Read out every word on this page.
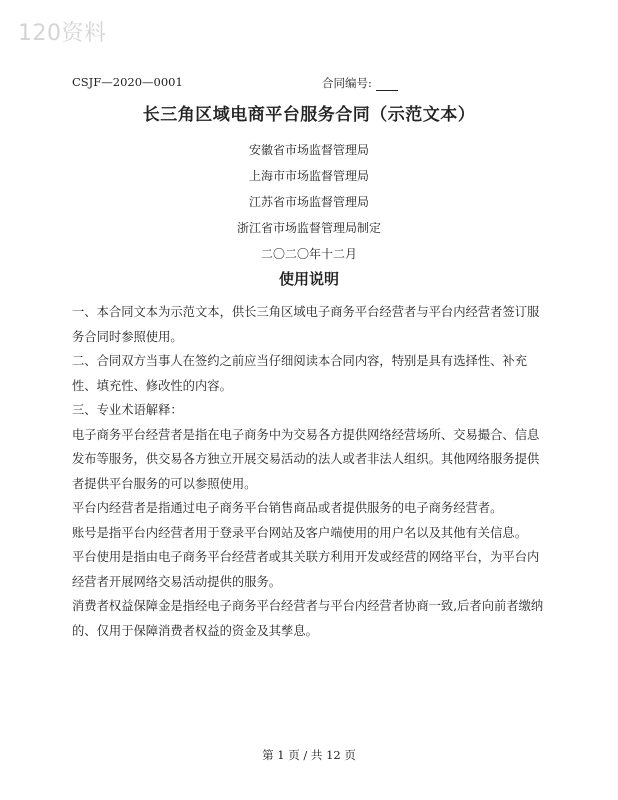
120资料
CSJF—2020—0001	合同编号:
长三角区域电商平台服务合同（示范文本）
安徽省市场监督管理局
上海市市场监督管理局
江苏省市场监督管理局
浙江省市场监督管理局制定
二〇二〇年十二月
使用说明

一、本合同文本为示范文本，供长三角区域电子商务平台经营者与平台内经营者签订服务合同时参照使用。

二、合同双方当事人在签约之前应当仔细阅读本合同内容，特别是具有选择性、补充性、填充性、修改性的内容。

三、专业术语解释：

电子商务平台经营者是指在电子商务中为交易各方提供网络经营场所、交易撮合、信息发布等服务，供交易各方独立开展交易活动的法人或者非法人组织。其他网络服务提供者提供平台服务的可以参照使用。

平台内经营者是指通过电子商务平台销售商品或者提供服务的电子商务经营者。

账号是指平台内经营者用于登录平台网站及客户端使用的用户名以及其他有关信息。

平台使用是指由电子商务平台经营者或其关联方利用开发或经营的网络平台，为平台内经营者开展网络交易活动提供的服务。

消费者权益保障金是指经电子商务平台经营者与平台内经营者协商一致,后者向前者缴纳的、仅用于保障消费者权益的资金及其孳息。

第 1 页 / 共 12 页
